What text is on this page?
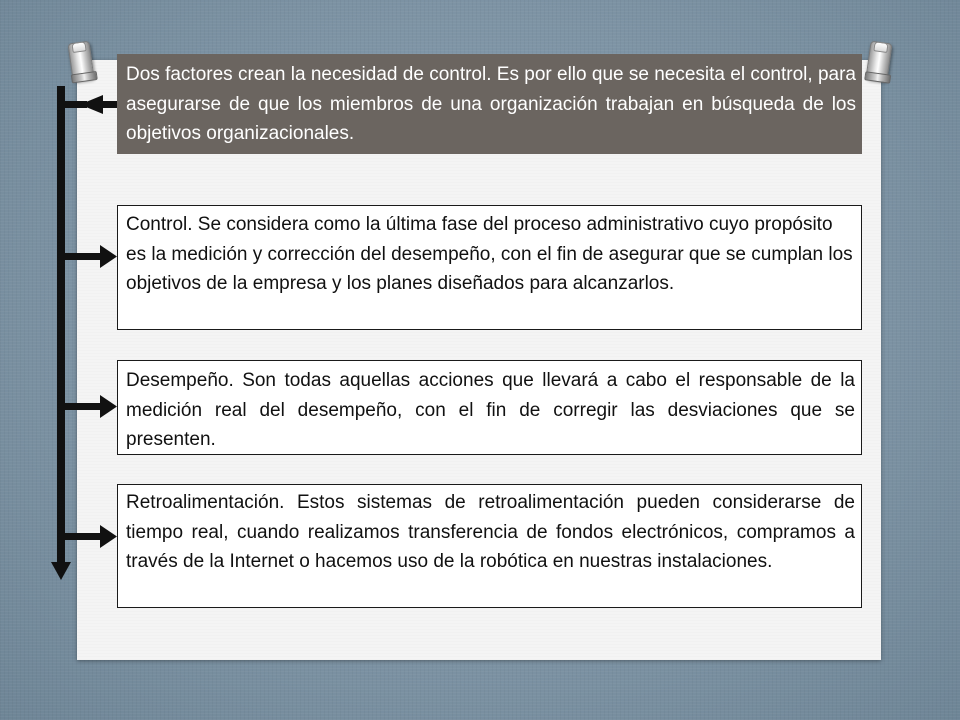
Dos factores crean la necesidad de control. Es por ello que se necesita el control, para asegurarse de que los miembros de una organización trabajan en búsqueda de los objetivos organizacionales.

Control. Se considera como la última fase del proceso administrativo cuyo propósito es la medición y corrección del desempeño, con el fin de asegurar que se cumplan los objetivos de la empresa y los planes diseñados para alcanzarlos.

Desempeño. Son todas aquellas acciones que llevará a cabo el responsable de la medición real del desempeño, con el fin de corregir las desviaciones que se presenten.

Retroalimentación. Estos sistemas de retroalimentación pueden considerarse de tiempo real, cuando realizamos transferencia de fondos electrónicos, compramos a través de la Internet o hacemos uso de la robótica en nuestras instalaciones.
